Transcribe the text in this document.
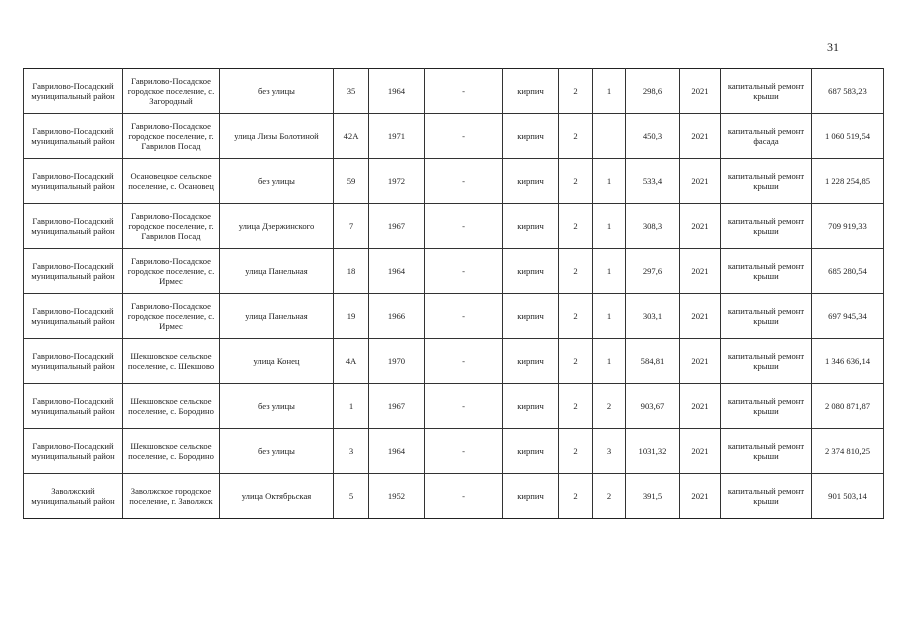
31
Гаврилово-Посадский муниципальный район	Гаврилово-Посадское городское поселение, с. Загородный	без улицы	35	1964	-	кирпич	2	1	298,6	2021	капитальный ремонт крыши	687 583,23
Гаврилово-Посадский муниципальный район	Гаврилово-Посадское городское поселение, г. Гаврилов Посад	улица Лизы Болотиной	42А	1971	-	кирпич	2		450,3	2021	капитальный ремонт фасада	1 060 519,54
Гаврилово-Посадский муниципальный район	Осановецкое сельское поселение, с. Осановец	без улицы	59	1972	-	кирпич	2	1	533,4	2021	капитальный ремонт крыши	1 228 254,85
Гаврилово-Посадский муниципальный район	Гаврилово-Посадское городское поселение, г. Гаврилов Посад	улица Дзержинского	7	1967	-	кирпич	2	1	308,3	2021	капитальный ремонт крыши	709 919,33
Гаврилово-Посадский муниципальный район	Гаврилово-Посадское городское поселение, с. Ирмес	улица Панельная	18	1964	-	кирпич	2	1	297,6	2021	капитальный ремонт крыши	685 280,54
Гаврилово-Посадский муниципальный район	Гаврилово-Посадское городское поселение, с. Ирмес	улица Панельная	19	1966	-	кирпич	2	1	303,1	2021	капитальный ремонт крыши	697 945,34
Гаврилово-Посадский муниципальный район	Шекшовское сельское поселение, с. Шекшово	улица Конец	4А	1970	-	кирпич	2	1	584,81	2021	капитальный ремонт крыши	1 346 636,14
Гаврилово-Посадский муниципальный район	Шекшовское сельское поселение, с. Бородино	без улицы	1	1967	-	кирпич	2	2	903,67	2021	капитальный ремонт крыши	2 080 871,87
Гаврилово-Посадский муниципальный район	Шекшовское сельское поселение, с. Бородино	без улицы	3	1964	-	кирпич	2	3	1031,32	2021	капитальный ремонт крыши	2 374 810,25
Заволжский муниципальный район	Заволжское городское поселение, г. Заволжск	улица Октябрьская	5	1952	-	кирпич	2	2	391,5	2021	капитальный ремонт крыши	901 503,14
